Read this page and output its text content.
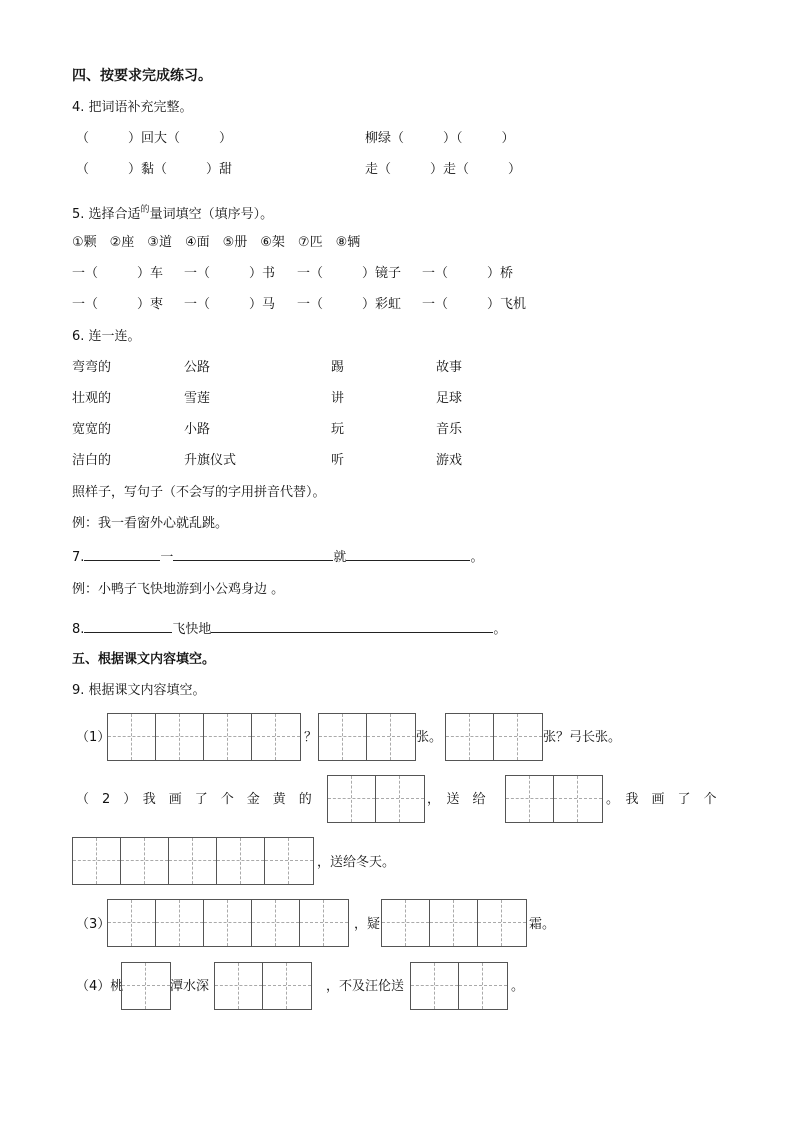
四、按要求完成练习。
4. 把词语补充完整。
（　　　）回大（　　　）	柳绿（　　　）（　　　）
（　　　）黏（　　　）甜	走（　　　）走（　　　）
5. 选择合适$^的$量词填空（填序号）。
①颗　②座　③道　④面　⑤册　⑥架　⑦匹　⑧辆
一（　　　）车 一（　　　）书 一（　　　）镜子 一（　　　）桥
一（　　　）枣 一（　　　）马 一（　　　）彩虹 一（　　　）飞机
6. 连一连。
弯弯的	公路	踢	故事
壮观的	雪莲	讲	足球
宽宽的	小路	玩	音乐
洁白的	升旗仪式	听	游戏
照样子，写句子（不会写的字用拼音代替）。
例：我一看窗外心就乱跳。
7.	一	就	。
例：小鸭子飞快地游到小公鸡身边 。
8.	飞快地	。
五、根据课文内容填空。
9. 根据课文内容填空。
（1）	？	张。	张？弓长张。
（　2　）　我　画　了　个　金　黄　的	，　送　给	。　我　画　了　个
，送给冬天。
（3）	，疑	霜。
（4）桃	潭水深	，不及汪伦送	。
